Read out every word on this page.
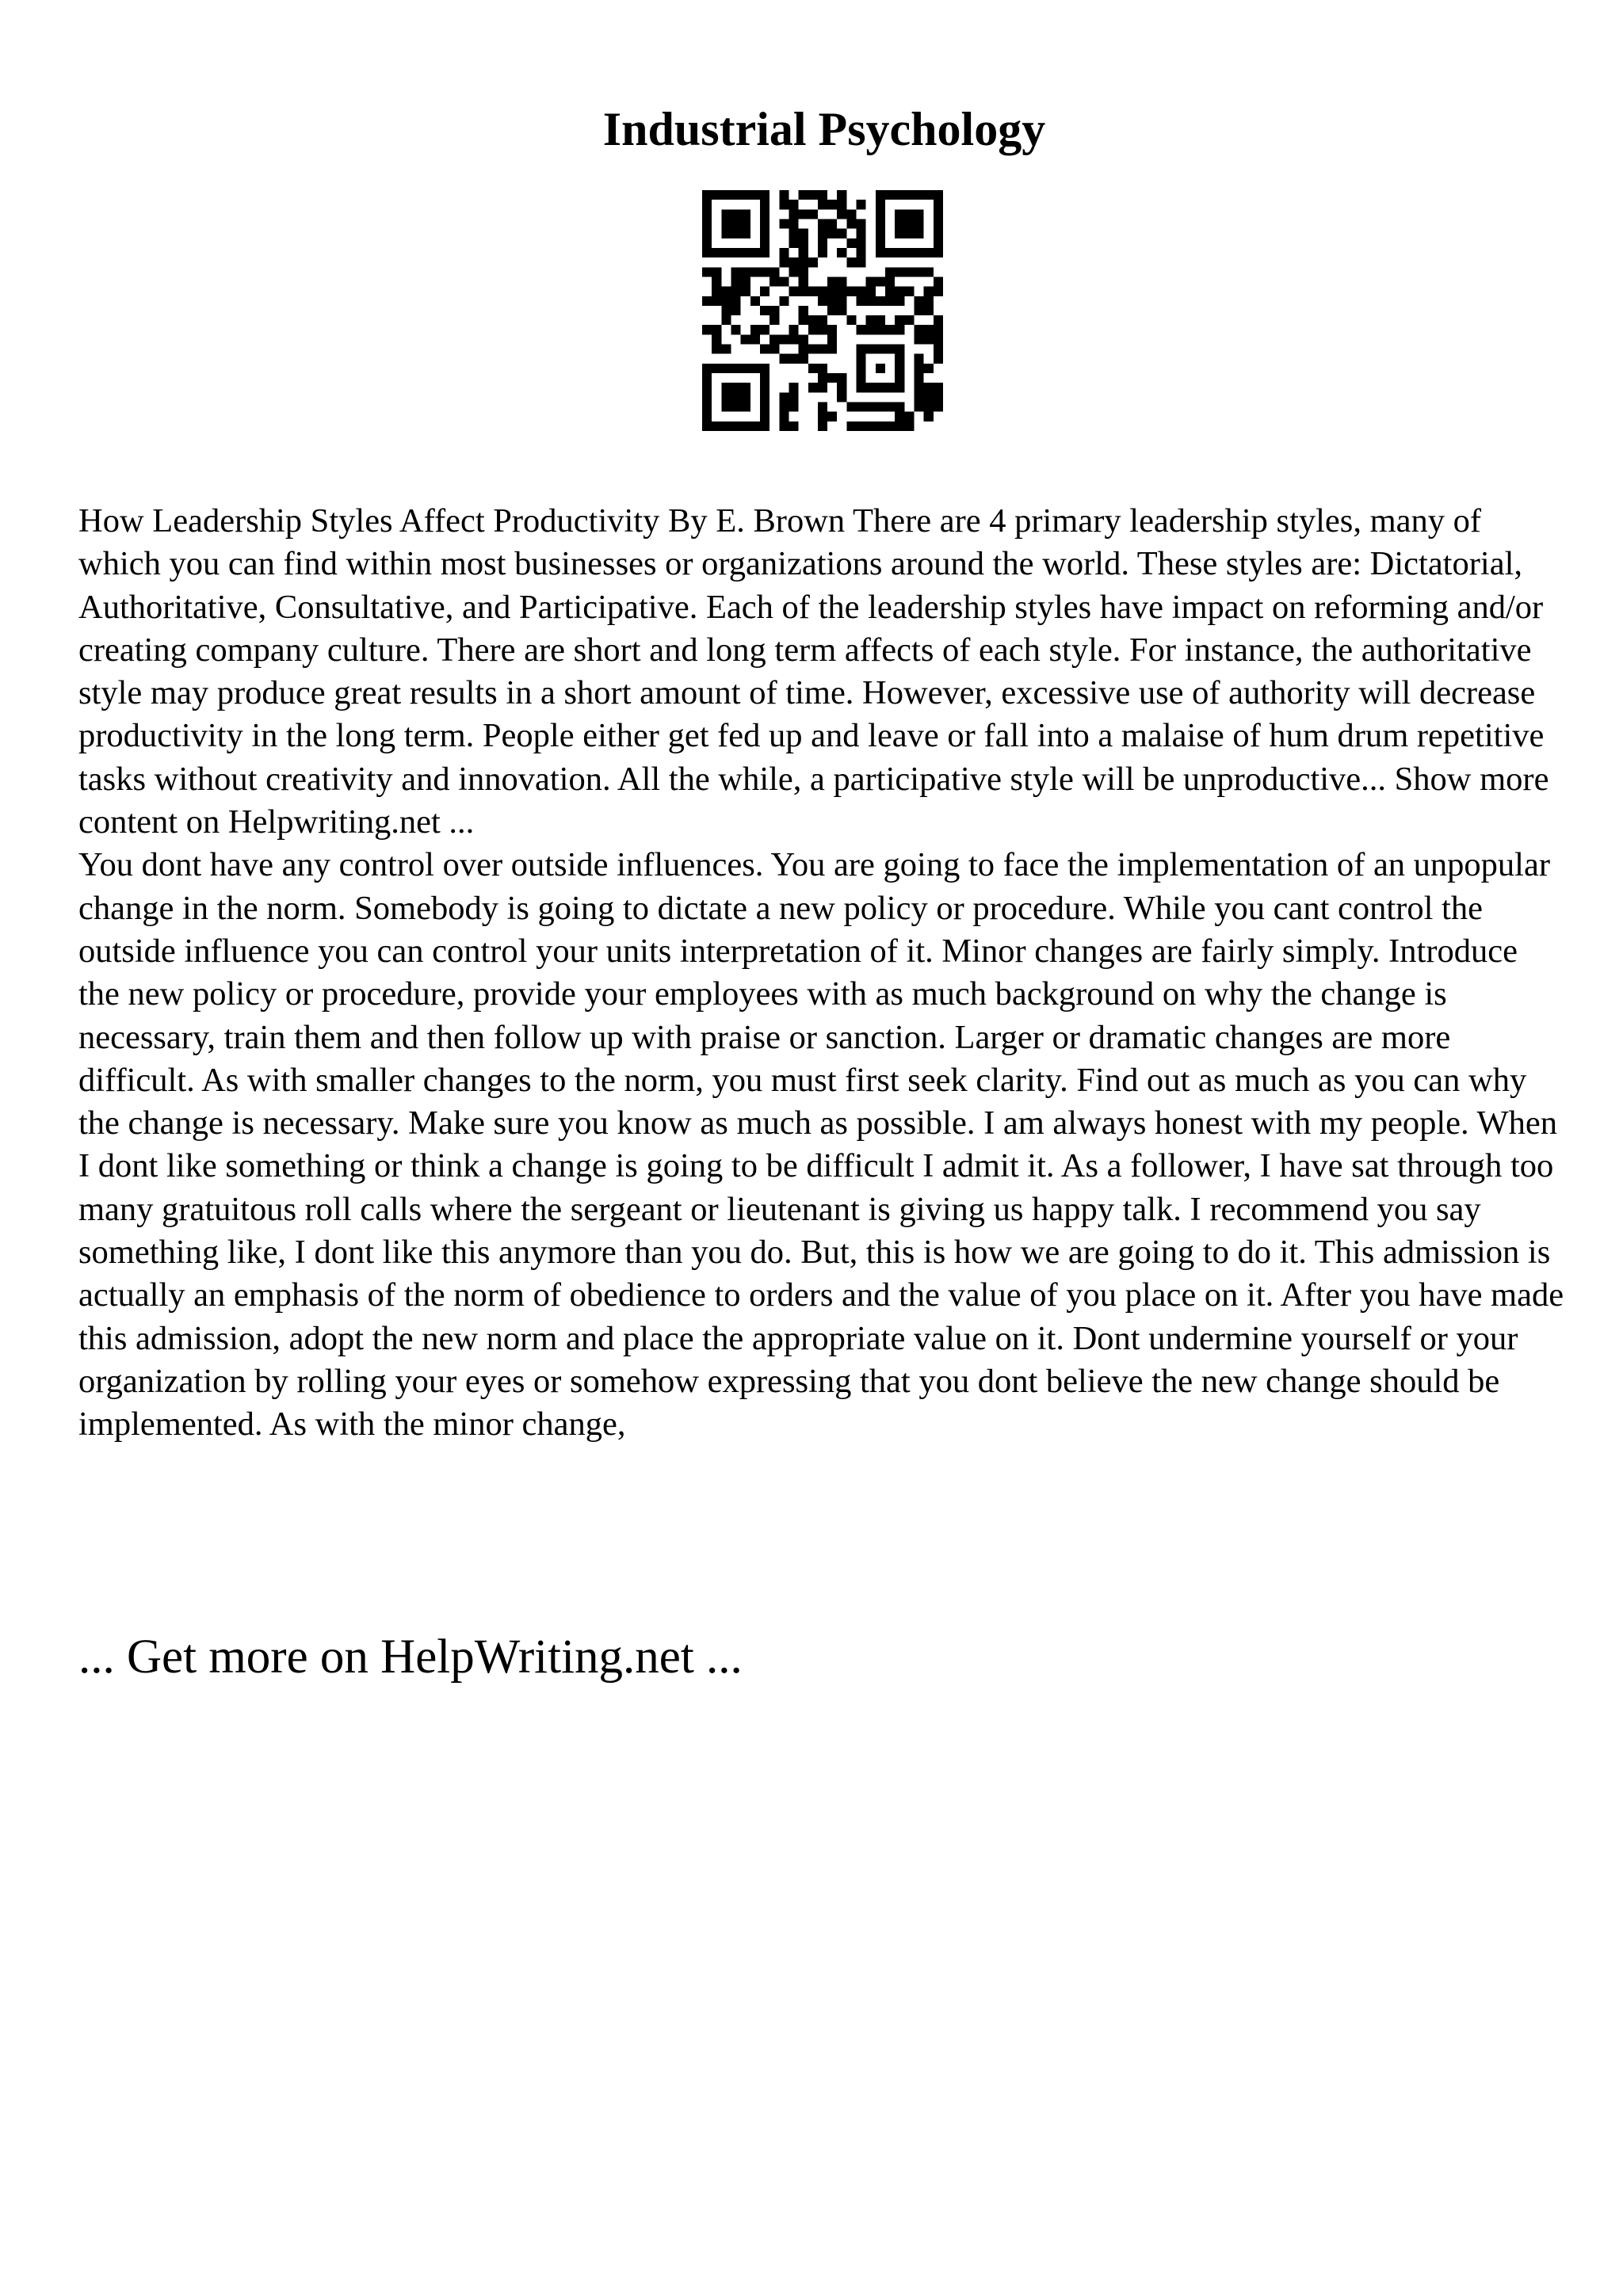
Industrial Psychology

How Leadership Styles Affect Productivity By E. Brown There are 4 primary leadership styles, many of which you can find within most businesses or organizations around the world. These styles are: Dictatorial, Authoritative, Consultative, and Participative. Each of the leadership styles have impact on reforming and/or creating company culture. There are short and long term affects of each style. For instance, the authoritative style may produce great results in a short amount of time. However, excessive use of authority will decrease productivity in the long term. People either get fed up and leave or fall into a malaise of hum drum repetitive tasks without creativity and innovation. All the while, a participative style will be unproductive... Show more content on Helpwriting.net ...

You dont have any control over outside influences. You are going to face the implementation of an unpopular change in the norm. Somebody is going to dictate a new policy or procedure. While you cant control the outside influence you can control your units interpretation of it. Minor changes are fairly simply. Introduce the new policy or procedure, provide your employees with as much background on why the change is necessary, train them and then follow up with praise or sanction. Larger or dramatic changes are more difficult. As with smaller changes to the norm, you must first seek clarity. Find out as much as you can why the change is necessary. Make sure you know as much as possible. I am always honest with my people. When I dont like something or think a change is going to be difficult I admit it. As a follower, I have sat through too many gratuitous roll calls where the sergeant or lieutenant is giving us happy talk. I recommend you say something like, I dont like this anymore than you do. But, this is how we are going to do it. This admission is actually an emphasis of the norm of obedience to orders and the value of you place on it. After you have made this admission, adopt the new norm and place the appropriate value on it. Dont undermine yourself or your organization by rolling your eyes or somehow expressing that you dont believe the new change should be implemented. As with the minor change,

... Get more on HelpWriting.net ...
